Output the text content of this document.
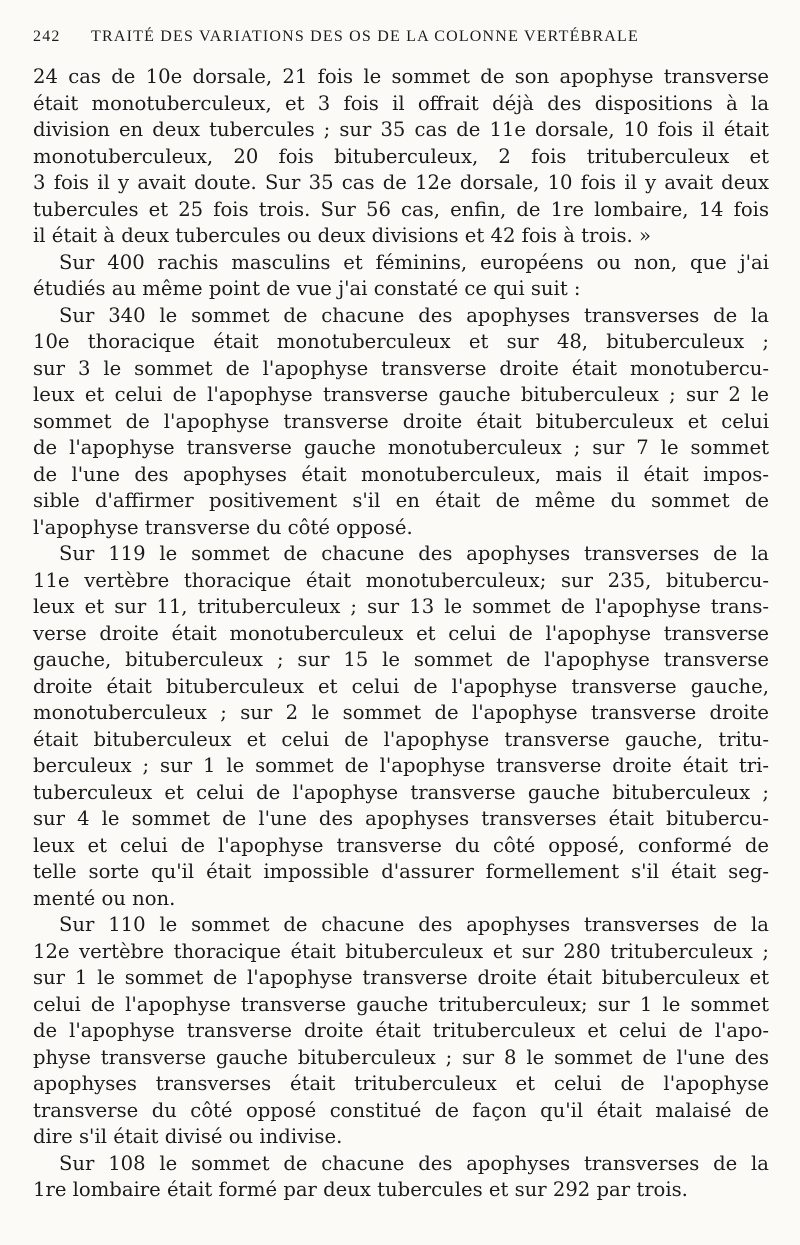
242 TRAITÉ DES VARIATIONS DES OS DE LA COLONNE VERTÉBRALE

24 cas de 10e dorsale, 21 fois le sommet de son apophyse transverse
était monotuberculeux, et 3 fois il offrait déjà des dispositions à la
division en deux tubercules ; sur 35 cas de 11e dorsale, 10 fois il était
monotuberculeux, 20 fois bituberculeux, 2 fois trituberculeux et
3 fois il y avait doute. Sur 35 cas de 12e dorsale, 10 fois il y avait deux
tubercules et 25 fois trois. Sur 56 cas, enfin, de 1re lombaire, 14 fois
il était à deux tubercules ou deux divisions et 42 fois à trois. »

Sur 400 rachis masculins et féminins, européens ou non, que j'ai
étudiés au même point de vue j'ai constaté ce qui suit :

Sur 340 le sommet de chacune des apophyses transverses de la
10e thoracique était monotuberculeux et sur 48, bituberculeux ;
sur 3 le sommet de l'apophyse transverse droite était monotubercu-
leux et celui de l'apophyse transverse gauche bituberculeux ; sur 2 le
sommet de l'apophyse transverse droite était bituberculeux et celui
de l'apophyse transverse gauche monotuberculeux ; sur 7 le sommet
de l'une des apophyses était monotuberculeux, mais il était impos-
sible d'affirmer positivement s'il en était de même du sommet de
l'apophyse transverse du côté opposé.

Sur 119 le sommet de chacune des apophyses transverses de la
11e vertèbre thoracique était monotuberculeux; sur 235, bitubercu-
leux et sur 11, trituberculeux ; sur 13 le sommet de l'apophyse trans-
verse droite était monotuberculeux et celui de l'apophyse transverse
gauche, bituberculeux ; sur 15 le sommet de l'apophyse transverse
droite était bituberculeux et celui de l'apophyse transverse gauche,
monotuberculeux ; sur 2 le sommet de l'apophyse transverse droite
était bituberculeux et celui de l'apophyse transverse gauche, tritu-
berculeux ; sur 1 le sommet de l'apophyse transverse droite était tri-
tuberculeux et celui de l'apophyse transverse gauche bituberculeux ;
sur 4 le sommet de l'une des apophyses transverses était bitubercu-
leux et celui de l'apophyse transverse du côté opposé, conformé de
telle sorte qu'il était impossible d'assurer formellement s'il était seg-
menté ou non.

Sur 110 le sommet de chacune des apophyses transverses de la
12e vertèbre thoracique était bituberculeux et sur 280 trituberculeux ;
sur 1 le sommet de l'apophyse transverse droite était bituberculeux et
celui de l'apophyse transverse gauche trituberculeux; sur 1 le sommet
de l'apophyse transverse droite était trituberculeux et celui de l'apo-
physe transverse gauche bituberculeux ; sur 8 le sommet de l'une des
apophyses transverses était trituberculeux et celui de l'apophyse
transverse du côté opposé constitué de façon qu'il était malaisé de
dire s'il était divisé ou indivise.

Sur 108 le sommet de chacune des apophyses transverses de la
1re lombaire était formé par deux tubercules et sur 292 par trois.
